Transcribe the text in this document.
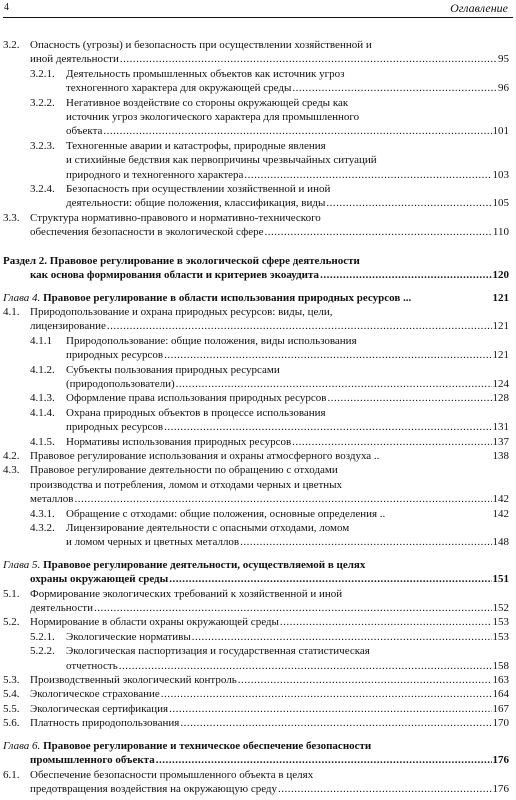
4	Оглавление
3.2. Опасность (угрозы) и безопасность при осуществлении хозяйственной и
иной деятельности .....	95
3.2.1. Деятельность промышленных объектов как источник угроз
техногенного характера для окружающей среды .....	96
3.2.2. Негативное воздействие со стороны окружающей среды как
источник угроз экологического характера для промышленного
объекта .....	101
3.2.3. Техногенные аварии и катастрофы, природные явления
и стихийные бедствия как первопричины чрезвычайных ситуаций
природного и техногенного характера .....	103
3.2.4. Безопасность при осуществлении хозяйственной и иной
деятельности: общие положения, классификация, виды .....	105
3.3. Структура нормативно-правового и нормативно-технического
обеспечения безопасности в экологической сфере .....	110
Раздел 2. Правовое регулирование в экологической сфере деятельности
как основа формирования области и критериев экоаудита .....	120
Глава 4. Правовое регулирование в области использования природных ресурсов ...	121
4.1. Природопользование и охрана природных ресурсов: виды, цели,
лицензирование .....	121
4.1.1 Природопользование: общие положения, виды использования
природных ресурсов .....	121
4.1.2. Субъекты пользования природных ресурсами
(природопользователи) .....	124
4.1.3. Оформление права использования природных ресурсов .....	128
4.1.4. Охрана природных объектов в процессе использования
природных ресурсов .....	131
4.1.5. Нормативы использования природных ресурсов .....	137
4.2. Правовое регулирование использования и охраны атмосферного воздуха ..	138
4.3. Правовое регулирование деятельности по обращению с отходами
производства и потребления, ломом и отходами черных и цветных
металлов .....	142
4.3.1. Обращение с отходами: общие положения, основные определения ..	142
4.3.2. Лицензирование деятельности с опасными отходами, ломом
и ломом черных и цветных металлов .....	148
Глава 5. Правовое регулирование деятельности, осуществляемой в целях
охраны окружающей среды .....	151
5.1. Формирование экологических требований к хозяйственной и иной
деятельности .....	152
5.2. Нормирование в области охраны окружающей среды .....	153
5.2.1. Экологические нормативы .....	153
5.2.2. Экологическая паспортизация и государственная статистическая
отчетность .....	158
5.3. Производственный экологический контроль .....	163
5.4. Экологическое страхование .....	164
5.5. Экологическая сертификация .....	167
5.6. Платность природопользования .....	170
Глава 6. Правовое регулирование и техническое обеспечение безопасности
промышленного объекта .....	176
6.1. Обеспечение безопасности промышленного объекта в целях
предотвращения воздействия на окружающую среду .....	176
